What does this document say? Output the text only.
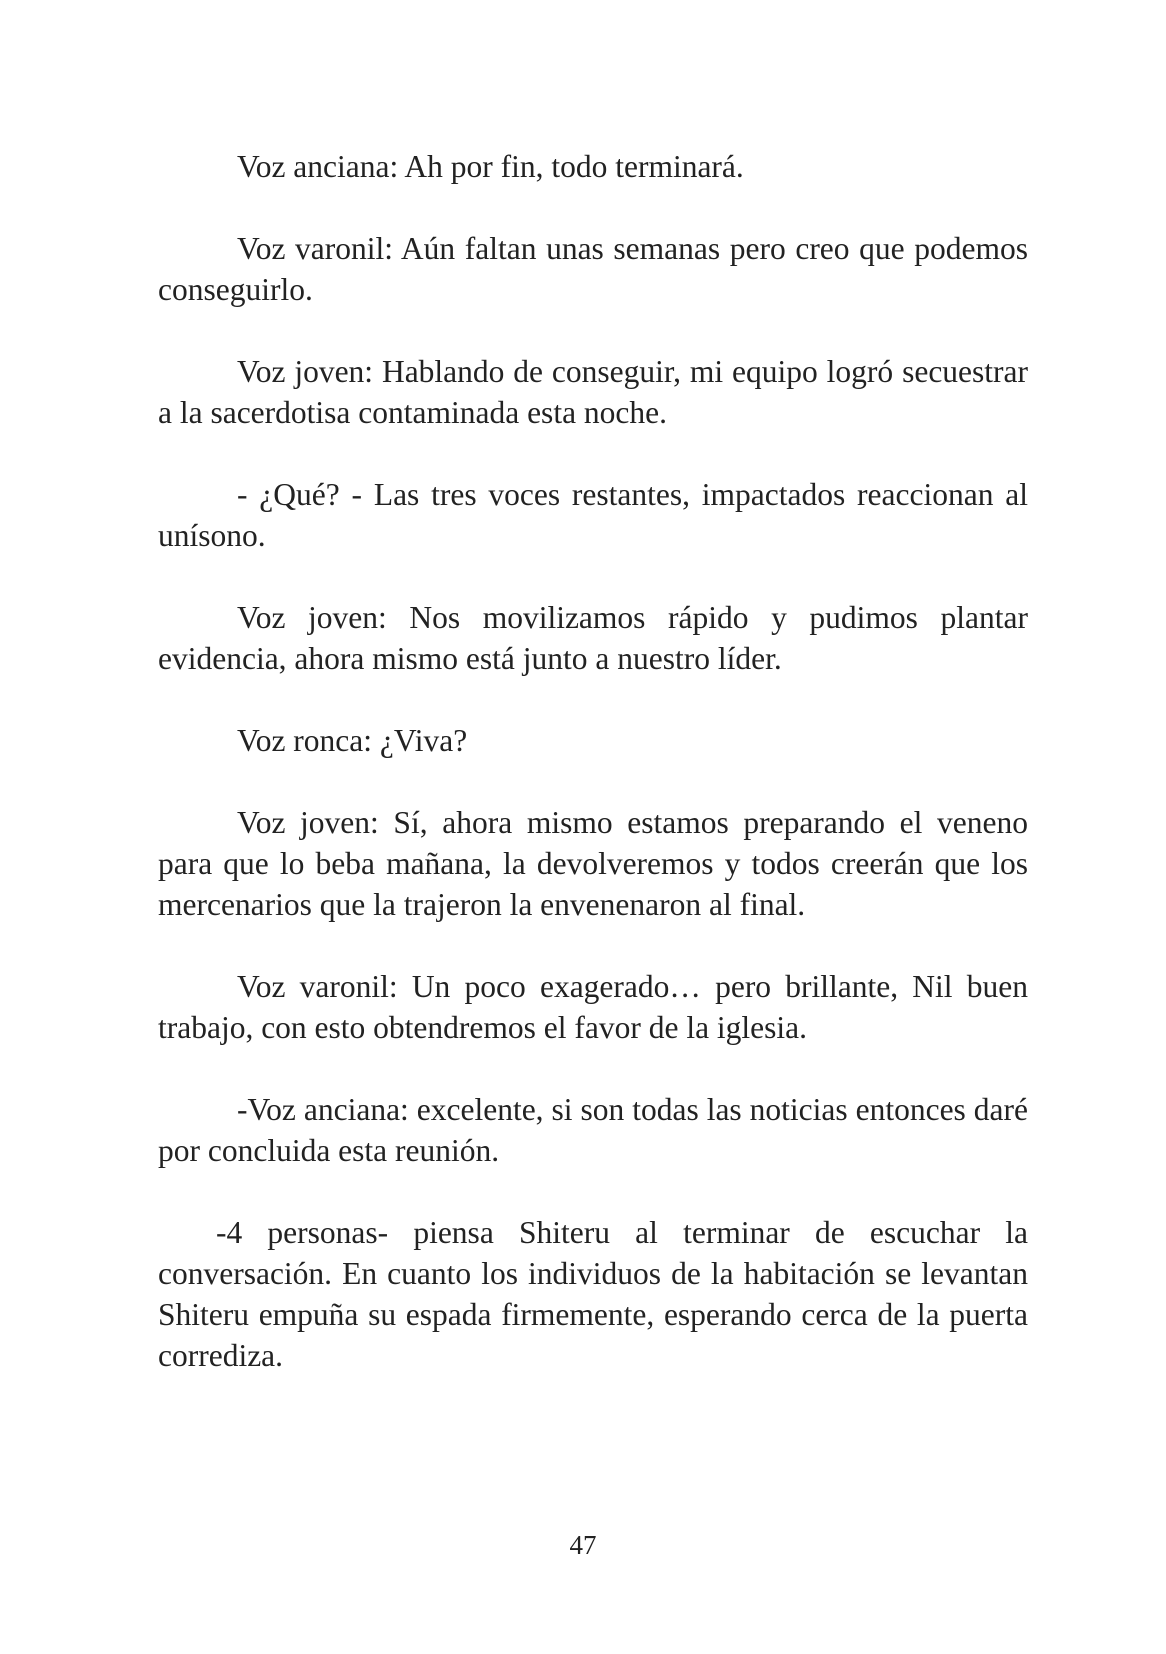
Voz anciana: Ah por fin, todo terminará.

Voz varonil: Aún faltan unas semanas pero creo que podemos conseguirlo.

Voz joven: Hablando de conseguir, mi equipo logró secuestrar a la sacerdotisa contaminada esta noche.

- ¿Qué? - Las tres voces restantes, impactados reaccionan al unísono.

Voz joven: Nos movilizamos rápido y pudimos plantar evidencia, ahora mismo está junto a nuestro líder.

Voz ronca: ¿Viva?

Voz joven: Sí, ahora mismo estamos preparando el veneno para que lo beba mañana, la devolveremos y todos creerán que los mercenarios que la trajeron la envenenaron al final.

Voz varonil: Un poco exagerado… pero brillante, Nil buen trabajo, con esto obtendremos el favor de la iglesia.

-Voz anciana: excelente, si son todas las noticias entonces daré por concluida esta reunión.

-4 personas- piensa Shiteru al terminar de escuchar la conversación. En cuanto los individuos de la habitación se levantan Shiteru empuña su espada firmemente, esperando cerca de la puerta corrediza.

47
